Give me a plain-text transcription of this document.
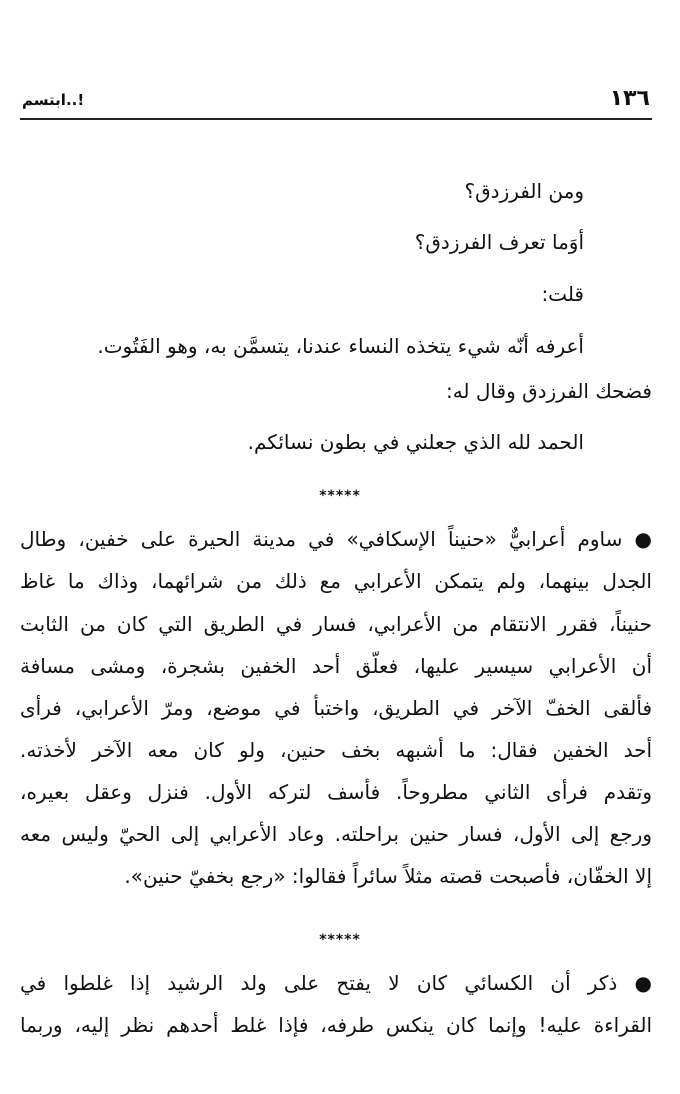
١٣٦
ابتسم..!
ومن الفرزدق؟
أوَما تعرف الفرزدق؟
قلت:
أعرفه أنّه شيء يتخذه النساء عندنا، يتسمَّن به، وهو الفَتُوت.
فضحك الفرزدق وقال له:
الحمد لله الذي جعلني في بطون نسائكم.
*****
● ساوم أعرابيٌّ «حنيناً الإسكافي» في مدينة الحيرة على خفين، وطال
الجدل بينهما، ولم يتمكن الأعرابي مع ذلك من شرائهما، وذاك ما غاظ
حنيناً، فقرر الانتقام من الأعرابي، فسار في الطريق التي كان من الثابت
أن الأعرابي سيسير عليها، فعلّق أحد الخفين بشجرة، ومشى مسافة
فألقى الخفّ الآخر في الطريق، واختبأ في موضع، ومرّ الأعرابي، فرأى
أحد الخفين فقال: ما أشبهه بخف حنين، ولو كان معه الآخر لأخذته.
وتقدم فرأى الثاني مطروحاً. فأسف لتركه الأول. فنزل وعقل بعيره،
ورجع إلى الأول، فسار حنين براحلته. وعاد الأعرابي إلى الحيّ وليس معه
إلا الخفّان، فأصبحت قصته مثلاً سائراً فقالوا: «رجع بخفيّ حنين».
*****
● ذكر أن الكسائي كان لا يفتح على ولد الرشيد إذا غلطوا في
القراءة عليه! وإنما كان ينكس طرفه، فإذا غلط أحدهم نظر إليه، وربما
